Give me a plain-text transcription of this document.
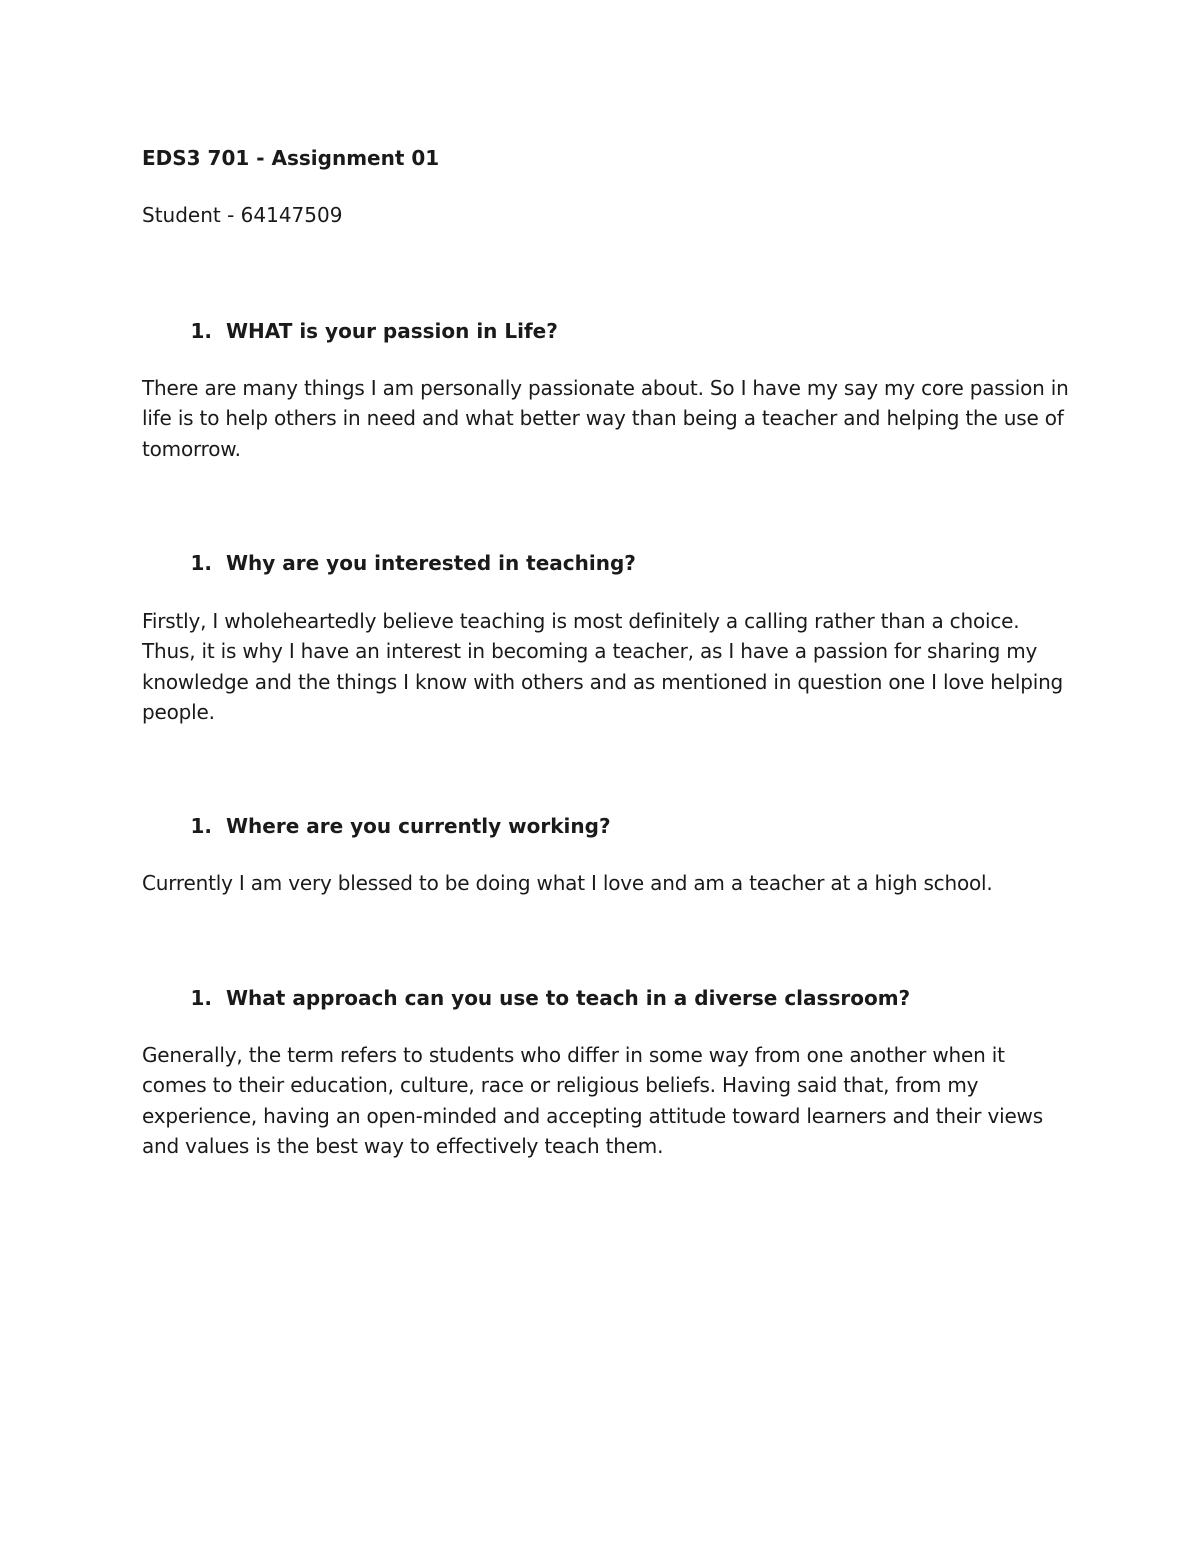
EDS3 701 - Assignment 01

Student - 64147509

1. WHAT is your passion in Life?

There are many things I am personally passionate about. So I have my say my core passion in life is to help others in need and what better way than being a teacher and helping the use of tomorrow.

1. Why are you interested in teaching?

Firstly, I wholeheartedly believe teaching is most definitely a calling rather than a choice. Thus, it is why I have an interest in becoming a teacher, as I have a passion for sharing my knowledge and the things I know with others and as mentioned in question one I love helping people.

1. Where are you currently working?

Currently I am very blessed to be doing what I love and am a teacher at a high school.

1. What approach can you use to teach in a diverse classroom?

Generally, the term refers to students who differ in some way from one another when it comes to their education, culture, race or religious beliefs. Having said that, from my experience, having an open-minded and accepting attitude toward learners and their views and values is the best way to effectively teach them.
